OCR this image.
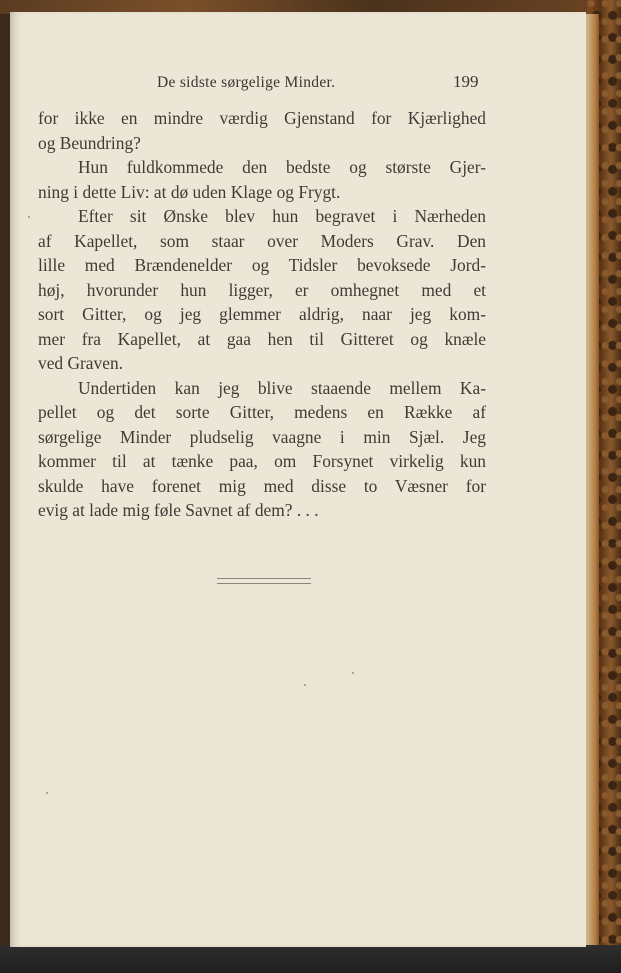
De sidste sørgelige Minder.	199
for ikke en mindre værdig Gjenstand for Kjærlighed
og Beundring?
Hun fuldkommede den bedste og største Gjer-
ning i dette Liv: at dø uden Klage og Frygt.
Efter sit Ønske blev hun begravet i Nærheden
af Kapellet, som staar over Moders Grav. Den
lille med Brændenelder og Tidsler bevoksede Jord-
høj, hvorunder hun ligger, er omhegnet med et
sort Gitter, og jeg glemmer aldrig, naar jeg kom-
mer fra Kapellet, at gaa hen til Gitteret og knæle
ved Graven.
Undertiden kan jeg blive staaende mellem Ka-
pellet og det sorte Gitter, medens en Række af
sørgelige Minder pludselig vaagne i min Sjæl. Jeg
kommer til at tænke paa, om Forsynet virkelig kun
skulde have forenet mig med disse to Væsner for
evig at lade mig føle Savnet af dem? . . .
